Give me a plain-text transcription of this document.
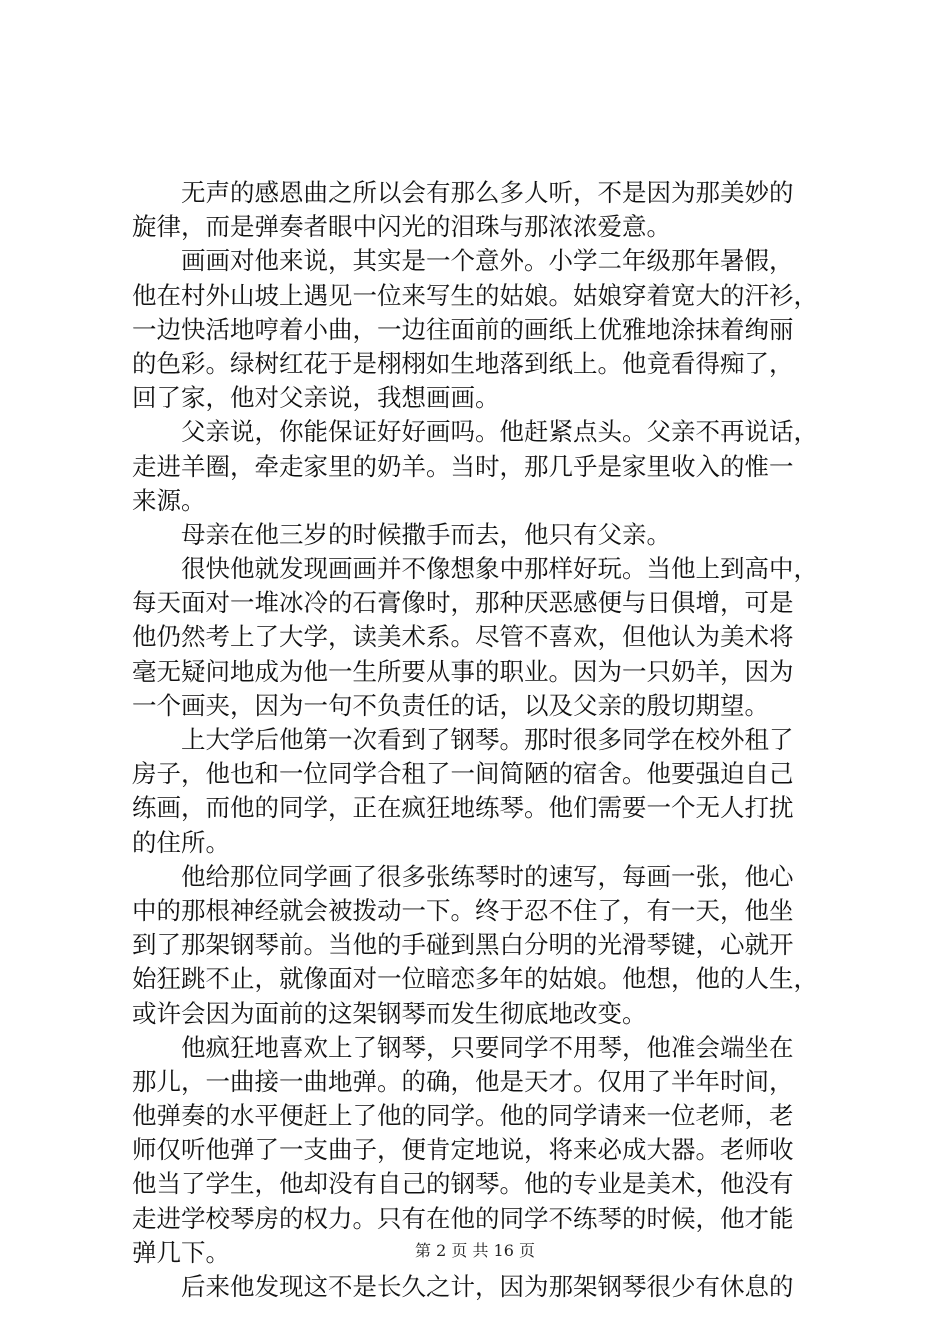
　　无声的感恩曲之所以会有那么多人听，不是因为那美妙的
旋律，而是弹奏者眼中闪光的泪珠与那浓浓爱意。
　　画画对他来说，其实是一个意外。小学二年级那年暑假，
他在村外山坡上遇见一位来写生的姑娘。姑娘穿着宽大的汗衫，
一边快活地哼着小曲，一边往面前的画纸上优雅地涂抹着绚丽
的色彩。绿树红花于是栩栩如生地落到纸上。他竟看得痴了，
回了家，他对父亲说，我想画画。
　　父亲说，你能保证好好画吗。他赶紧点头。父亲不再说话，
走进羊圈，牵走家里的奶羊。当时，那几乎是家里收入的惟一
来源。
　　母亲在他三岁的时候撒手而去，他只有父亲。
　　很快他就发现画画并不像想象中那样好玩。当他上到高中，
每天面对一堆冰冷的石膏像时，那种厌恶感便与日俱增，可是
他仍然考上了大学，读美术系。尽管不喜欢，但他认为美术将
毫无疑问地成为他一生所要从事的职业。因为一只奶羊，因为
一个画夹，因为一句不负责任的话，以及父亲的殷切期望。
　　上大学后他第一次看到了钢琴。那时很多同学在校外租了
房子，他也和一位同学合租了一间简陋的宿舍。他要强迫自己
练画，而他的同学，正在疯狂地练琴。他们需要一个无人打扰
的住所。
　　他给那位同学画了很多张练琴时的速写，每画一张，他心
中的那根神经就会被拨动一下。终于忍不住了，有一天，他坐
到了那架钢琴前。当他的手碰到黑白分明的光滑琴键，心就开
始狂跳不止，就像面对一位暗恋多年的姑娘。他想，他的人生，
或许会因为面前的这架钢琴而发生彻底地改变。
　　他疯狂地喜欢上了钢琴，只要同学不用琴，他准会端坐在
那儿，一曲接一曲地弹。的确，他是天才。仅用了半年时间，
他弹奏的水平便赶上了他的同学。他的同学请来一位老师，老
师仅听他弹了一支曲子，便肯定地说，将来必成大器。老师收
他当了学生，他却没有自己的钢琴。他的专业是美术，他没有
走进学校琴房的权力。只有在他的同学不练琴的时候，他才能
弹几下。
　　后来他发现这不是长久之计，因为那架钢琴很少有休息的
第 2 页 共 16 页
